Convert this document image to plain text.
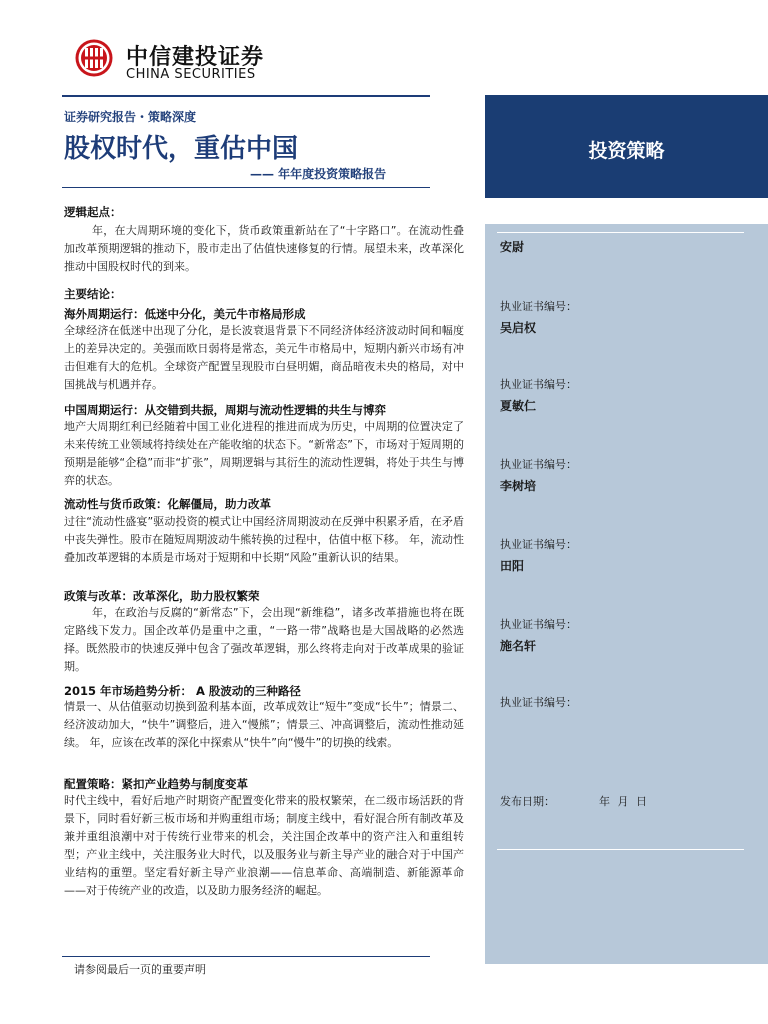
中信建投证券
CHINA SECURITIES
证券研究报告・策略深度
股权时代，重估中国
—— 年年度投资策略报告
投资策略
安尉
执业证书编号：
吴启权
执业证书编号：
夏敏仁
执业证书编号：
李树培
执业证书编号：
田阳
执业证书编号：
施名轩
执业证书编号：
发布日期：	年 月 日
逻辑起点：
年，在大周期环境的变化下，货币政策重新站在了“十字路口”。在流动性叠加改革预期逻辑的推动下，股市走出了估值快速修复的行情。展望未来，改革深化推动中国股权时代的到来。
主要结论：
海外周期运行：低迷中分化，美元牛市格局形成
全球经济在低迷中出现了分化，是长波衰退背景下不同经济体经济波动时间和幅度上的差异决定的。美强而欧日弱将是常态，美元牛市格局中，短期内新兴市场有冲击但难有大的危机。全球资产配置呈现股市白昼明媚，商品暗夜未央的格局，对中国挑战与机遇并存。
中国周期运行：从交错到共振，周期与流动性逻辑的共生与博弈
地产大周期红利已经随着中国工业化进程的推进而成为历史，中周期的位置决定了未来传统工业领域将持续处在产能收缩的状态下。“新常态”下，市场对于短周期的预期是能够“企稳”而非“扩张”，周期逻辑与其衍生的流动性逻辑，将处于共生与博弈的状态。
流动性与货币政策：化解僵局，助力改革
过往“流动性盛宴”驱动投资的模式让中国经济周期波动在反弹中积累矛盾，在矛盾中丧失弹性。股市在随短周期波动牛熊转换的过程中，估值中枢下移。 年，流动性叠加改革逻辑的本质是市场对于短期和中长期“风险”重新认识的结果。
政策与改革：改革深化，助力股权繁荣
年，在政治与反腐的“新常态”下，会出现“新维稳”，诸多改革措施也将在既定路线下发力。国企改革仍是重中之重，“一路一带”战略也是大国战略的必然选择。既然股市的快速反弹中包含了强改革逻辑，那么终将走向对于改革成果的验证期。
2015 年市场趋势分析： A 股波动的三种路径
情景一、从估值驱动切换到盈利基本面，改革成效让“短牛”变成“长牛”；情景二、经济波动加大，“快牛”调整后，进入“慢熊”；情景三、冲高调整后，流动性推动延续。 年，应该在改革的深化中探索从“快牛”向“慢牛”的切换的线索。
配置策略：紧扣产业趋势与制度变革
时代主线中，看好后地产时期资产配置变化带来的股权繁荣，在二级市场活跃的背景下，同时看好新三板市场和并购重组市场；制度主线中，看好混合所有制改革及兼并重组浪潮中对于传统行业带来的机会，关注国企改革中的资产注入和重组转型；产业主线中，关注服务业大时代，以及服务业与新主导产业的融合对于中国产业结构的重塑。坚定看好新主导产业浪潮——信息革命、高端制造、新能源革命——对于传统产业的改造，以及助力服务经济的崛起。
请参阅最后一页的重要声明
